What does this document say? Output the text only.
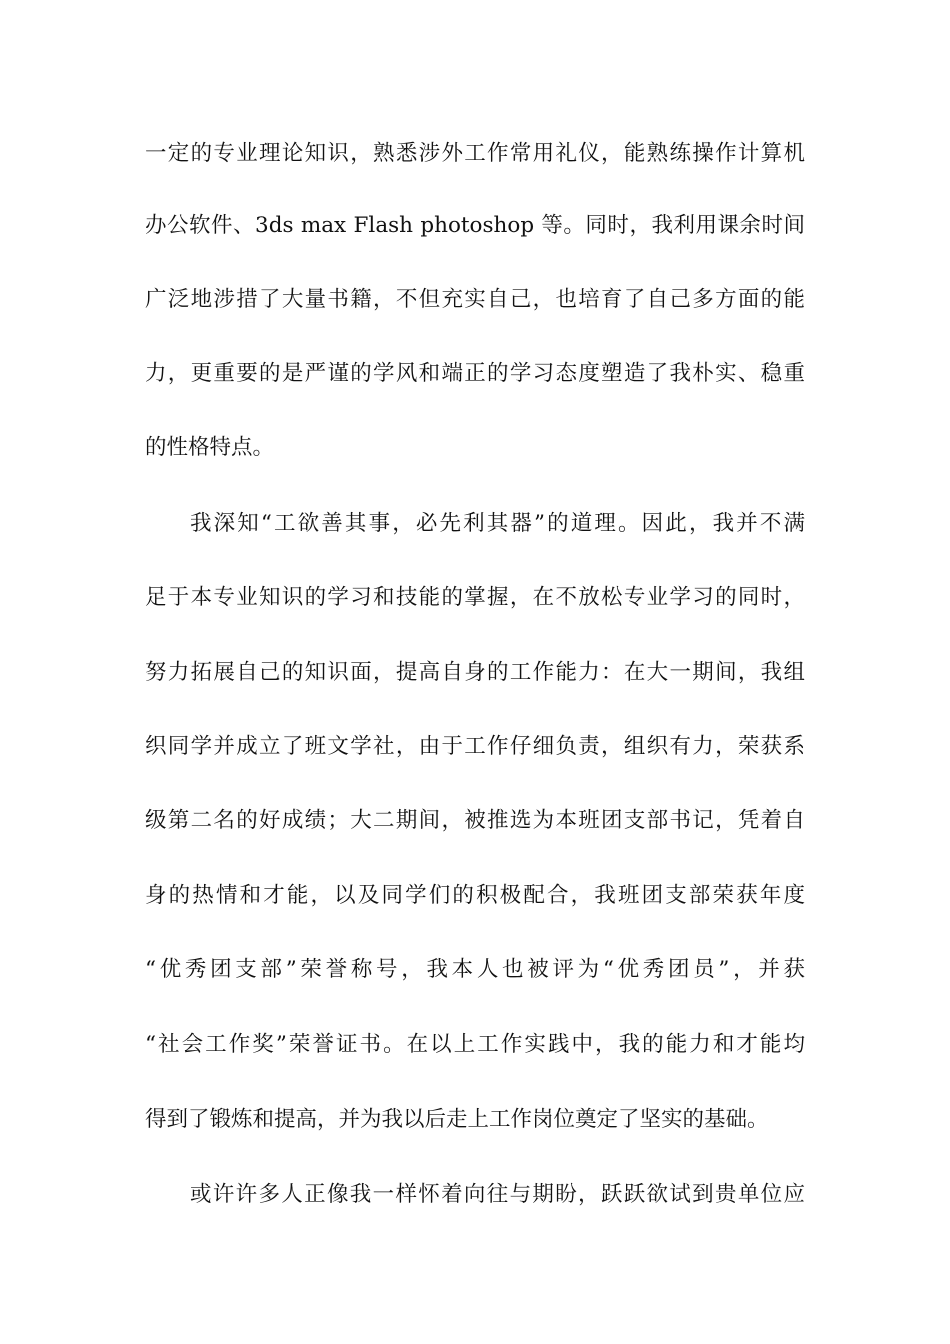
一定的专业理论知识，熟悉涉外工作常用礼仪，能熟练操作计算机
办公软件、3ds max Flash photoshop 等。同时，我利用课余时间
广泛地涉措了大量书籍，不但充实自己，也培育了自己多方面的能
力，更重要的是严谨的学风和端正的学习态度塑造了我朴实、稳重
的性格特点。
我深知“工欲善其事，必先利其器”的道理。因此，我并不满
足于本专业知识的学习和技能的掌握，在不放松专业学习的同时，
努力拓展自己的知识面，提高自身的工作能力：在大一期间，我组
织同学并成立了班文学社，由于工作仔细负责，组织有力，荣获系
级第二名的好成绩；大二期间，被推选为本班团支部书记，凭着自
身的热情和才能，以及同学们的积极配合，我班团支部荣获年度
“优秀团支部”荣誉称号，我本人也被评为“优秀团员”，并获
“社会工作奖”荣誉证书。在以上工作实践中，我的能力和才能均
得到了锻炼和提高，并为我以后走上工作岗位奠定了坚实的基础。
或许许多人正像我一样怀着向往与期盼，跃跃欲试到贵单位应
